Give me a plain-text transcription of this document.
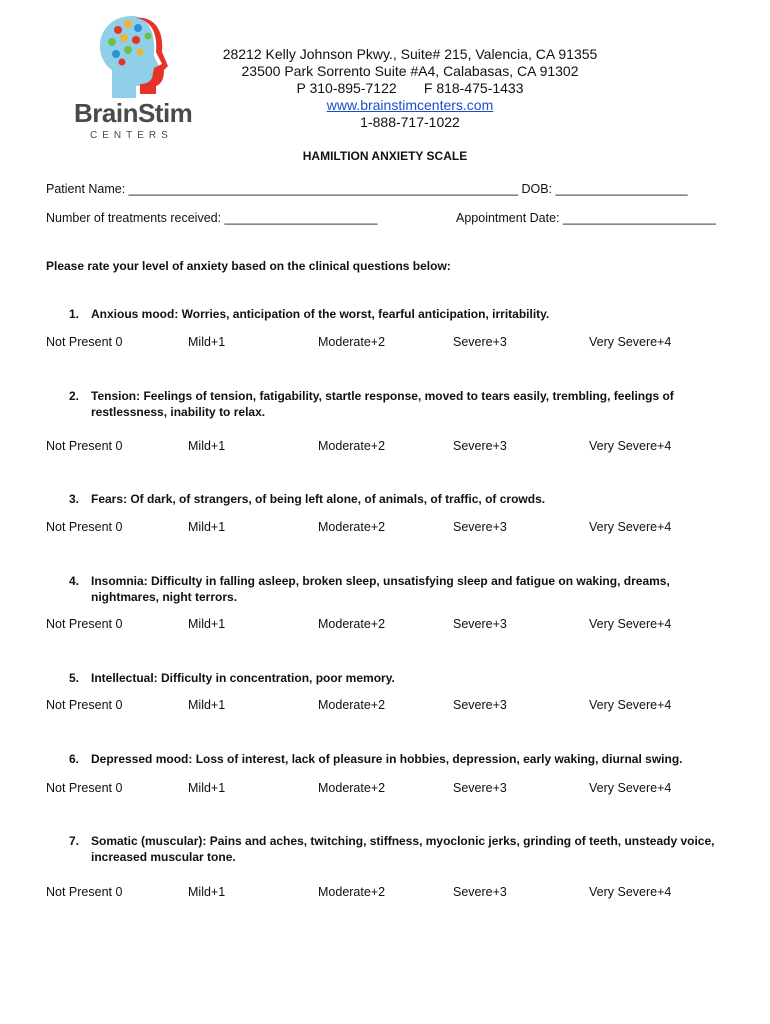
BrainStim
CENTERS
28212 Kelly Johnson Pkwy., Suite# 215, Valencia, CA 91355
23500 Park Sorrento Suite #A4, Calabasas, CA 91302
P 310-895-7122       F 818-475-1433
www.brainstimcenters.com
1-888-717-1022
HAMILTION ANXIETY SCALE
Patient Name: ________________________________________________________ DOB: ___________________
Number of treatments received: ______________________	Appointment Date: ______________________
Please rate your level of anxiety based on the clinical questions below:
1. Anxious mood: Worries, anticipation of the worst, fearful anticipation, irritability.
Not Present 0	Mild+1	Moderate+2	Severe+3	Very Severe+4
2. Tension: Feelings of tension, fatigability, startle response, moved to tears easily, trembling, feelings of restlessness, inability to relax.
Not Present 0	Mild+1	Moderate+2	Severe+3	Very Severe+4
3. Fears: Of dark, of strangers, of being left alone, of animals, of traffic, of crowds.
Not Present 0	Mild+1	Moderate+2	Severe+3	Very Severe+4
4. Insomnia: Difficulty in falling asleep, broken sleep, unsatisfying sleep and fatigue on waking, dreams, nightmares, night terrors.
Not Present 0	Mild+1	Moderate+2	Severe+3	Very Severe+4
5. Intellectual: Difficulty in concentration, poor memory.
Not Present 0	Mild+1	Moderate+2	Severe+3	Very Severe+4
6. Depressed mood: Loss of interest, lack of pleasure in hobbies, depression, early waking, diurnal swing.
Not Present 0	Mild+1	Moderate+2	Severe+3	Very Severe+4
7. Somatic (muscular): Pains and aches, twitching, stiffness, myoclonic jerks, grinding of teeth, unsteady voice, increased muscular tone.
Not Present 0	Mild+1	Moderate+2	Severe+3	Very Severe+4
